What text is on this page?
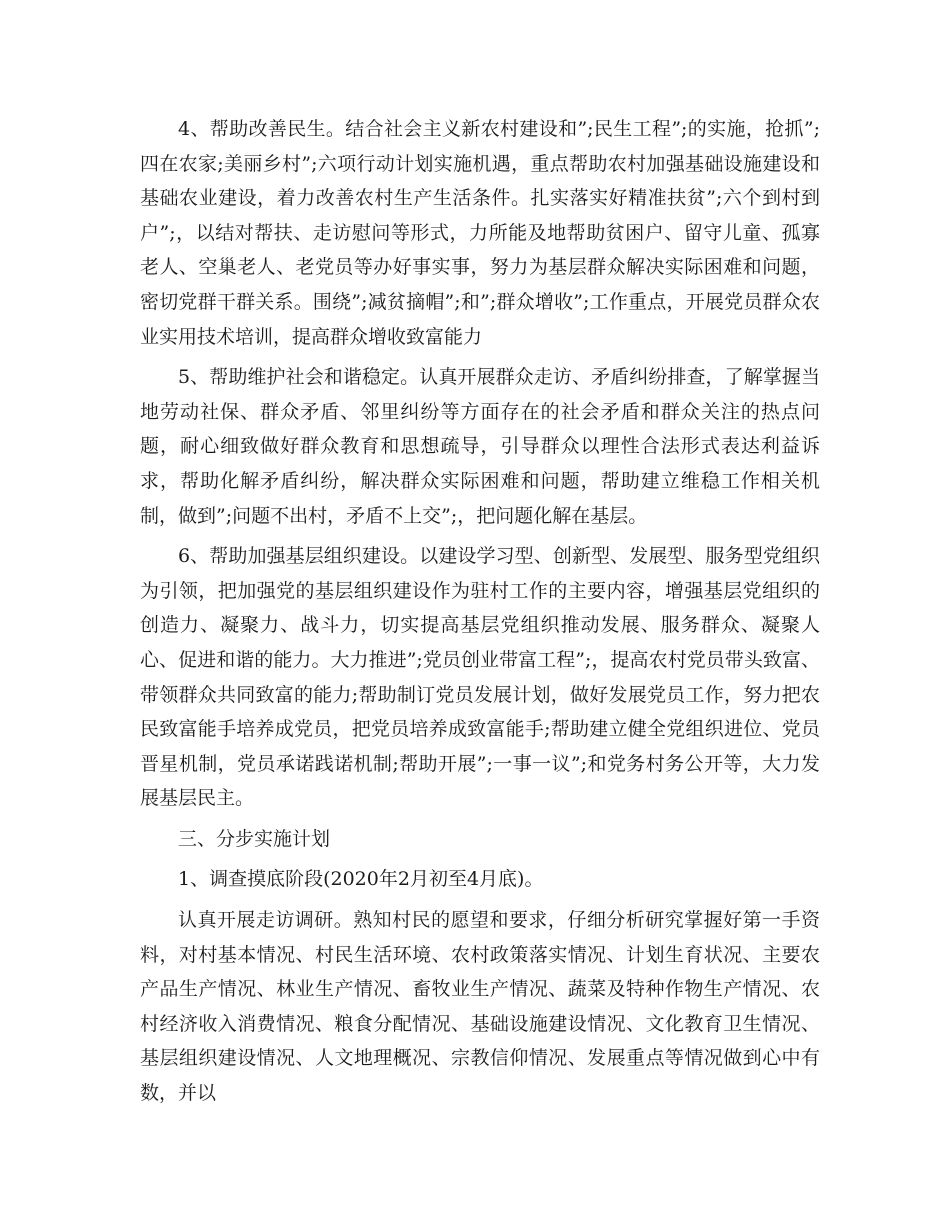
4、帮助改善民生。结合社会主义新农村建设和”;民生工程”;的实施，抢抓”;四在农家;美丽乡村”;六项行动计划实施机遇，重点帮助农村加强基础设施建设和基础农业建设，着力改善农村生产生活条件。扎实落实好精准扶贫”;六个到村到户”;，以结对帮扶、走访慰问等形式，力所能及地帮助贫困户、留守儿童、孤寡老人、空巢老人、老党员等办好事实事，努力为基层群众解决实际困难和问题，密切党群干群关系。围绕”;减贫摘帽”;和”;群众增收”;工作重点，开展党员群众农业实用技术培训，提高群众增收致富能力

5、帮助维护社会和谐稳定。认真开展群众走访、矛盾纠纷排查，了解掌握当地劳动社保、群众矛盾、邻里纠纷等方面存在的社会矛盾和群众关注的热点问题，耐心细致做好群众教育和思想疏导，引导群众以理性合法形式表达利益诉求，帮助化解矛盾纠纷，解决群众实际困难和问题，帮助建立维稳工作相关机制，做到”;问题不出村，矛盾不上交”;，把问题化解在基层。

6、帮助加强基层组织建设。以建设学习型、创新型、发展型、服务型党组织为引领，把加强党的基层组织建设作为驻村工作的主要内容，增强基层党组织的创造力、凝聚力、战斗力，切实提高基层党组织推动发展、服务群众、凝聚人心、促进和谐的能力。大力推进”;党员创业带富工程”;，提高农村党员带头致富、带领群众共同致富的能力;帮助制订党员发展计划，做好发展党员工作，努力把农民致富能手培养成党员，把党员培养成致富能手;帮助建立健全党组织进位、党员晋星机制，党员承诺践诺机制;帮助开展”;一事一议”;和党务村务公开等，大力发展基层民主。

三、分步实施计划

1、调查摸底阶段(2020年2月初至4月底)。

认真开展走访调研。熟知村民的愿望和要求，仔细分析研究掌握好第一手资料，对村基本情况、村民生活环境、农村政策落实情况、计划生育状况、主要农产品生产情况、林业生产情况、畜牧业生产情况、蔬菜及特种作物生产情况、农村经济收入消费情况、粮食分配情况、基础设施建设情况、文化教育卫生情况、基层组织建设情况、人文地理概况、宗教信仰情况、发展重点等情况做到心中有数，并以
